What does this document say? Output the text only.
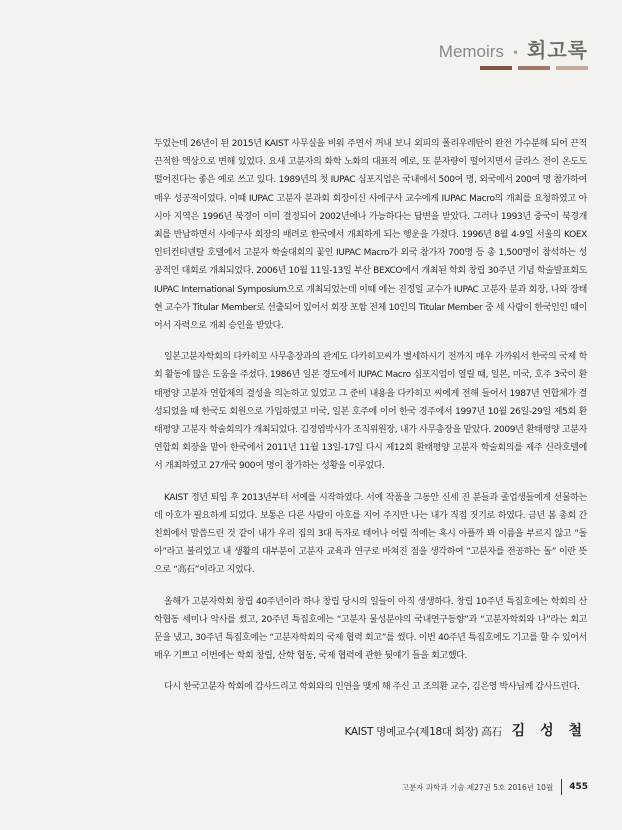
Memoirs • 회고록

두었는데 26년이 된 2015년 KAIST 사무실을 비워 주면서 꺼내 보니 외피의 폴리우레탄이 완전 가수분해 되어 끈적끈적한 액상으로 변해 있었다. 요새 고분자의 화학 노화의 대표적 예로, 또 분자량이 떨어지면서 글라스 전이 온도도 떨어진다는 좋은 예로 쓰고 있다. 1989년의 첫 IUPAC 심포지엄은 국내에서 500여 명, 외국에서 200여 명 참가하여 매우 성공적이었다. 이때 IUPAC 고분자 분과회 회장이신 사에구사 교수에게 IUPAC Macro의 개최를 요청하였고 아시아 지역은 1996년 북경이 이미 결정되어 2002년에나 가능하다는 답변을 받았다. 그러나 1993년 중국이 북경개최를 반납하면서 사에구사 회장의 배려로 한국에서 개최하게 되는 행운을 가졌다. 1996년 8월 4-9일 서울의 KOEX 인터컨티넨탈 호텔에서 고분자 학술대회의 꽃인 IUPAC Macro가 외국 참가자 700명 등 총 1,500명이 참석하는 성공적인 대회로 개최되었다. 2006년 10월 11일-13일 부산 BEXCO에서 개최된 학회 창립 30주년 기념 학술발표회도 IUPAC International Symposium으로 개최되었는데 이때 에는 진정일 교수가 IUPAC 고분자 분과 회장, 나와 장태현 교수가 Titular Member로 선출되어 있어서 회장 포함 전체 10인의 Titular Member 중 세 사람이 한국인인 때이어서 자력으로 개최 승인을 받았다.

일본고분자학회의 다카히꼬 사무총장과의 관계도 다카히꼬씨가 별세하시기 전까지 매우 가까워서 한국의 국제 학회 활동에 많은 도움을 주셨다. 1986년 일본 경도에서 IUPAC Macro 심포지엄이 열릴 때, 일본, 미국, 호주 3국이 환태평양 고분자 연합체의 결성을 의논하고 있었고 그 준비 내용을 다카히꼬 씨에게 전해 들어서 1987년 연합체가 결성되었을 때 한국도 회원으로 가입하였고 미국, 일본 호주에 이어 한국 경주에서 1997년 10월 26일-29일 제5회 환태평양 고분자 학술회의가 개최되었다. 김정엽박사가 조직위원장, 내가 사무총장을 맡았다. 2009년 환태평양 고분자 연합회 회장을 맡아 한국에서 2011년 11월 13일-17일 다시 제12회 환태평양 고분자 학술회의를 제주 신라호텔에서 개최하였고 27개국 900여 명이 참가하는 성황을 이루었다.

KAIST 정년 퇴임 후 2013년부터 서예를 시작하였다. 서예 작품을 그동안 신세 진 분들과 졸업생들에게 선물하는데 아호가 필요하게 되었다. 보통은 다른 사람이 아호를 지어 주지만 나는 내가 직접 짓기로 하였다. 금년 봄 총회 간친회에서 말씀드린 것 같이 내가 우리 집의 3대 독자로 태어나 어릴 적에는 혹시 아플까 봐 이름을 부르지 않고 “돌아”라고 불리었고 내 생활의 대부분이 고분자 교육과 연구로 바쳐진 점을 생각하여 “고분자를 전공하는 돌” 이란 뜻으로 “高石”이라고 지었다.

올해가 고분자학회 창립 40주년이라 하나 창립 당시의 일들이 아직 생생하다. 창립 10주년 특집호에는 학회의 산학협동 세미나 악사를 썼고, 20주년 특집호에는 “고분자 물성분야의 국내연구동향”과 “고분자학회와 나”라는 회고문을 냈고, 30주년 특집호에는 “고분자학회의 국제 협력 회고”를 썼다. 이번 40주년 특집호에도 기고를 할 수 있어서 매우 기쁘고 이번에는 학회 창립, 산학 협동, 국제 협력에 관한 뒷얘기 들을 회고했다.

다시 한국고분자 학회에 감사드리고 학회와의 인연을 맺게 해 주신 고 조의환 교수, 김은영 박사님께 감사드린다.

KAIST 명예교수(제18대 회장) 高石 김 성 철
고분자 과학과 기술 제27권 5호 2016년 10월 455
